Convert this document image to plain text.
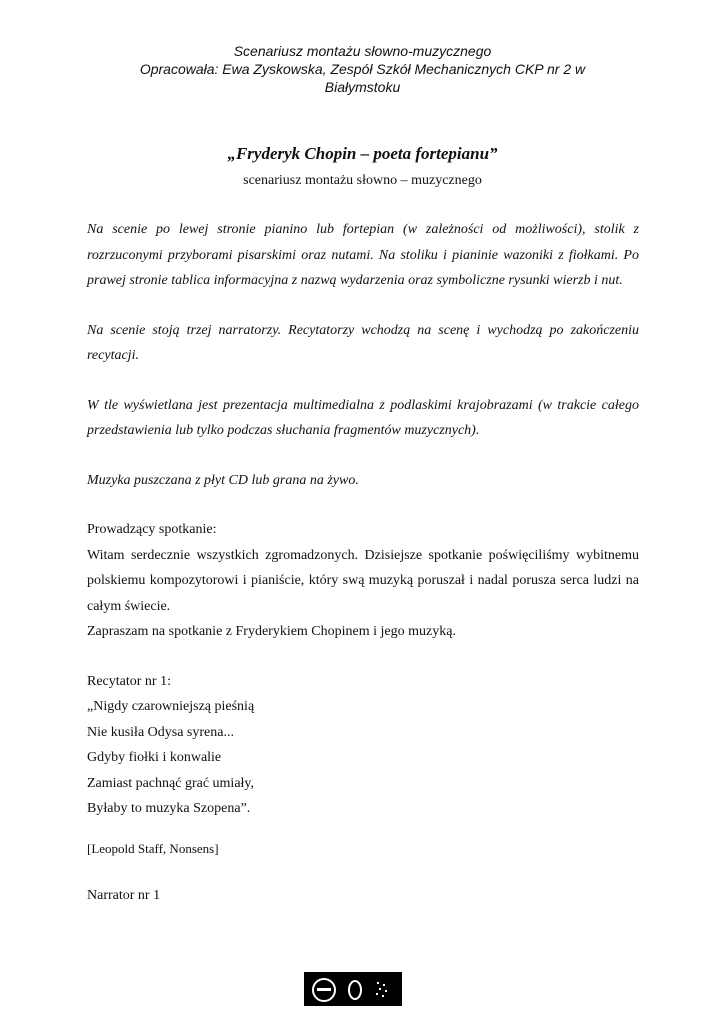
Scenariusz montażu słowno-muzycznego
Opracowała: Ewa Zyskowska, Zespół Szkół Mechanicznych CKP nr 2 w
Białymstoku
„Fryderyk Chopin – poeta fortepianu”
scenariusz montażu słowno – muzycznego

Na scenie po lewej stronie pianino lub fortepian (w zależności od możliwości), stolik z rozrzuconymi przyborami pisarskimi oraz nutami. Na stoliku i pianinie wazoniki z fiołkami. Po prawej stronie tablica informacyjna z nazwą wydarzenia oraz symboliczne rysunki wierzb i nut.

Na scenie stoją trzej narratorzy. Recytatorzy wchodzą na scenę i wychodzą po zakończeniu recytacji.

W tle wyświetlana jest prezentacja multimedialna z podlaskimi krajobrazami (w trakcie całego przedstawienia lub tylko podczas słuchania fragmentów muzycznych).

Muzyka puszczana z płyt CD lub grana na żywo.

Prowadzący spotkanie:
Witam serdecznie wszystkich zgromadzonych. Dzisiejsze spotkanie poświęciliśmy wybitnemu polskiemu kompozytorowi i pianiście, który swą muzyką poruszał i nadal porusza serca ludzi na całym świecie.
Zapraszam na spotkanie z Fryderykiem Chopinem i jego muzyką.

Recytator nr 1:
„Nigdy czarowniejszą pieśnią
Nie kusiła Odysa syrena...
Gdyby fiołki i konwalie
Zamiast pachnąć grać umiały,
Byłaby to muzyka Szopena”.

[Leopold Staff, Nonsens]

Narrator nr 1
